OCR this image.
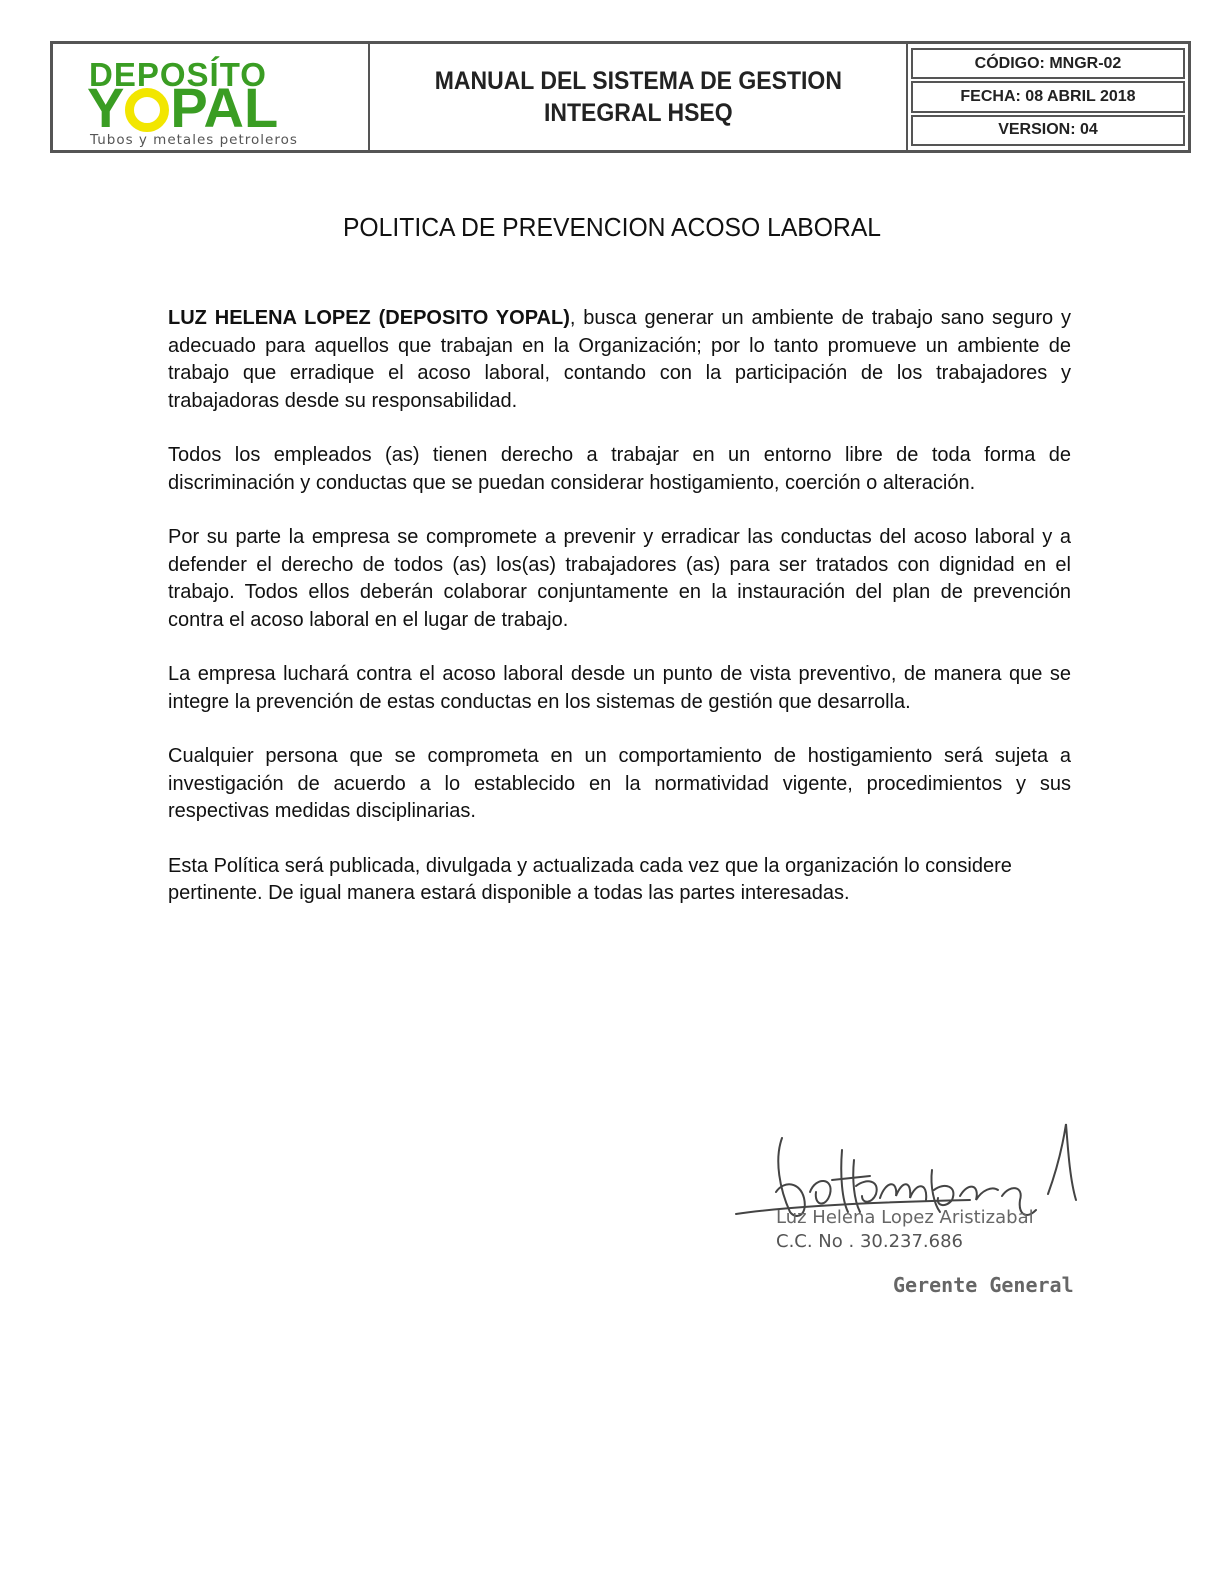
DEPOSÍTO
Y PAL
Tubos y metales petroleros
MANUAL DEL SISTEMA DE GESTION
INTEGRAL HSEQ
CÓDIGO: MNGR-02
FECHA: 08 ABRIL 2018
VERSION: 04
POLITICA DE PREVENCION ACOSO LABORAL

LUZ HELENA LOPEZ (DEPOSITO YOPAL), busca generar un ambiente de trabajo sano seguro y adecuado para aquellos que trabajan en la Organización; por lo tanto promueve un ambiente de trabajo que erradique el acoso laboral, contando con la participación de los trabajadores y trabajadoras desde su responsabilidad.

Todos los empleados (as) tienen derecho a trabajar en un entorno libre de toda forma de discriminación y conductas que se puedan considerar hostigamiento, coerción o alteración.

Por su parte la empresa se compromete a prevenir y erradicar las conductas del acoso laboral y a defender el derecho de todos (as) los(as) trabajadores (as) para ser tratados con dignidad en el trabajo. Todos ellos deberán colaborar conjuntamente en la instauración del plan de prevención contra el acoso laboral en el lugar de trabajo.

La empresa luchará contra el acoso laboral desde un punto de vista preventivo, de manera que se integre la prevención de estas conductas en los sistemas de gestión que desarrolla.

Cualquier persona que se comprometa en un comportamiento de hostigamiento será sujeta a investigación de acuerdo a lo establecido en la normatividad vigente, procedimientos y sus respectivas medidas disciplinarias.

Esta Política será publicada, divulgada y actualizada cada vez que la organización lo considere pertinente. De igual manera estará disponible a todas las partes interesadas.

Luz Helena Lopez Aristizabal
C.C. No . 30.237.686
Gerente General
